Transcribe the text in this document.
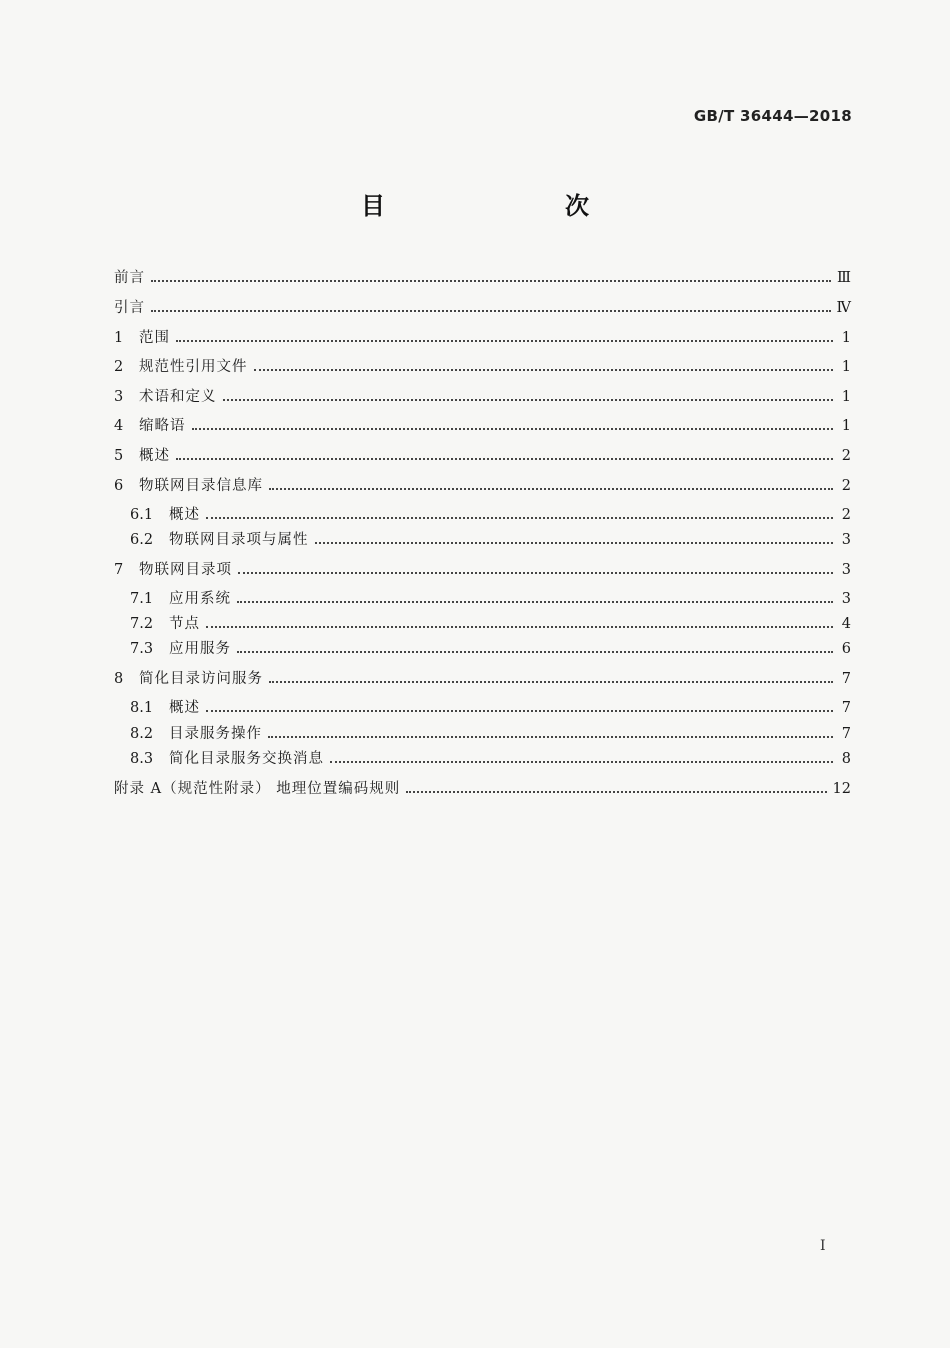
GB/T 36444—2018
目　　次
前言	Ⅲ
引言	Ⅳ
1	范围	1
2	规范性引用文件	1
3	术语和定义	1
4	缩略语	1
5	概述	2
6	物联网目录信息库	2
6.1	概述	2
6.2	物联网目录项与属性	3
7	物联网目录项	3
7.1	应用系统	3
7.2	节点	4
7.3	应用服务	6
8	简化目录访问服务	7
8.1	概述	7
8.2	目录服务操作	7
8.3	简化目录服务交换消息	8
附录 A（规范性附录） 地理位置编码规则	12
Ⅰ
